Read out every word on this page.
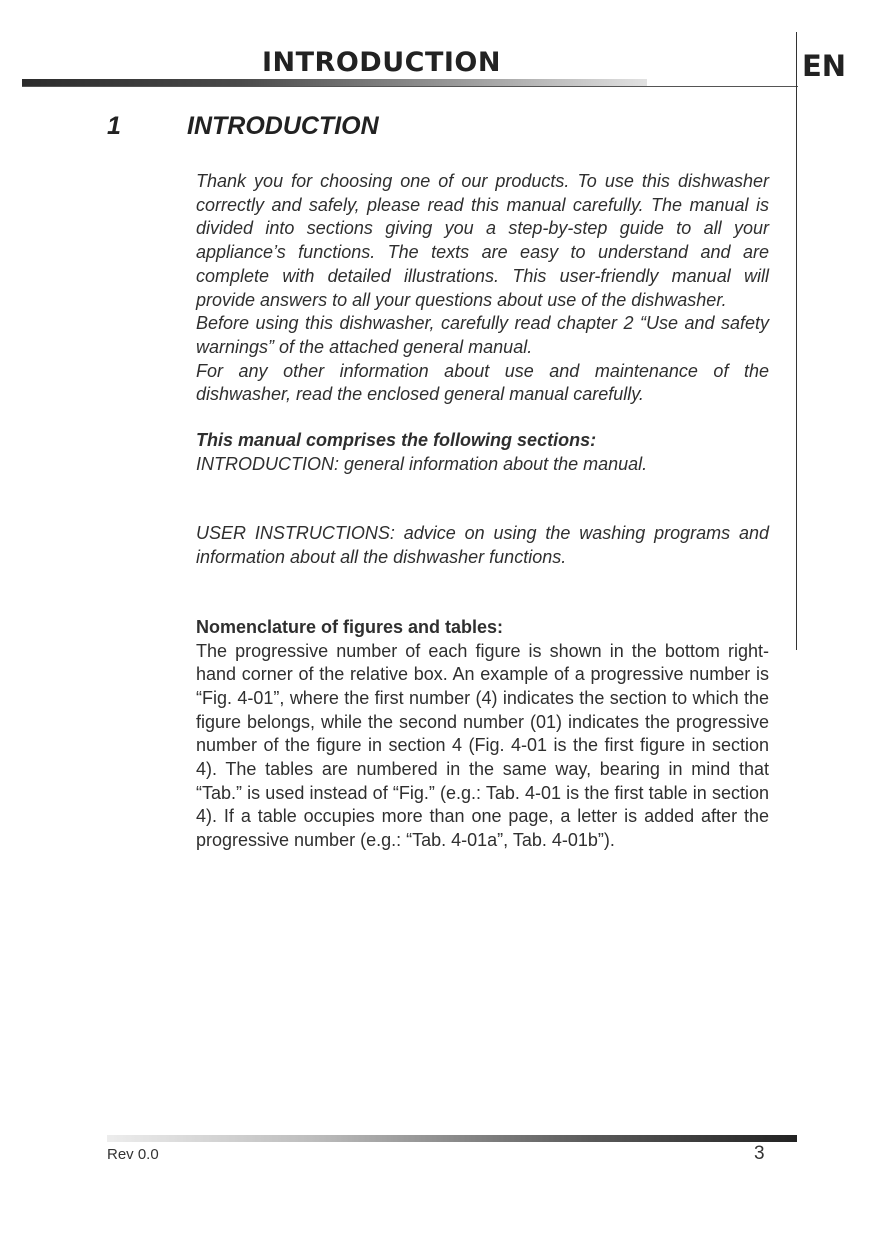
INTRODUCTION	EN
1	INTRODUCTION

Thank you for choosing one of our products. To use this dishwasher correctly and safely, please read this manual carefully. The manual is divided into sections giving you a step-by-step guide to all your appliance’s functions. The texts are easy to understand and are complete with detailed illustrations. This user-friendly manual will provide answers to all your questions about use of the dishwasher.

Before using this dishwasher, carefully read chapter 2 “Use and safety warnings” of the attached general manual.

For any other information about use and maintenance of the dishwasher, read the enclosed general manual carefully.

This manual comprises the following sections:

INTRODUCTION: general information about the manual.

USER INSTRUCTIONS: advice on using the washing programs and information about all the dishwasher functions.

Nomenclature of figures and tables:

The progressive number of each figure is shown in the bottom right-hand corner of the relative box. An example of a progressive number is “Fig. 4-01”, where the first number (4) indicates the section to which the figure belongs, while the second number (01) indicates the progressive number of the figure in section 4 (Fig. 4-01 is the first figure in section 4). The tables are numbered in the same way, bearing in mind that “Tab.” is used instead of “Fig.” (e.g.: Tab. 4-01 is the first table in section 4). If a table occupies more than one page, a letter is added after the progressive number (e.g.: “Tab. 4-01a”, Tab. 4-01b”).

Rev 0.0	3
